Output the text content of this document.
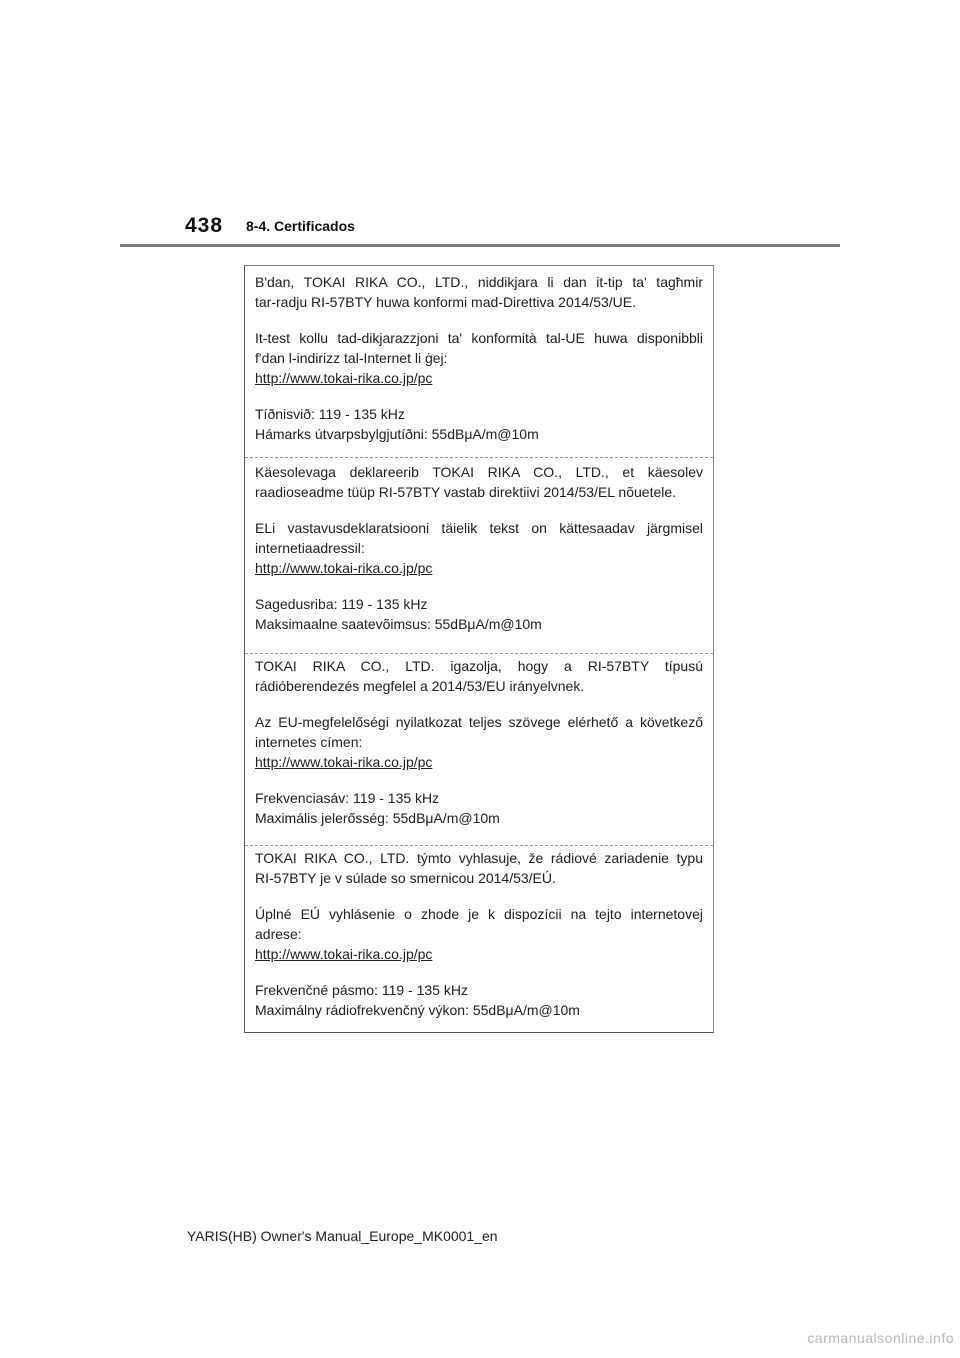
438 8-4. Certificados

B'dan, TOKAI RIKA CO., LTD., niddikjara li dan it-tip ta' tagħmir

tar-radju RI-57BTY huwa konformi mad-Direttiva 2014/53/UE.

It-test kollu tad-dikjarazzjoni ta' konformità tal-UE huwa disponibbli

f'dan l-indirizz tal-Internet li ġej:

http://www.tokai-rika.co.jp/pc

Tíðnisvið: 119 - 135 kHz

Hámarks útvarpsbylgjutíðni: 55dBμA/m@10m

Käesolevaga deklareerib TOKAI RIKA CO., LTD., et käesolev

raadioseadme tüüp RI-57BTY vastab direktiivi 2014/53/EL nõuetele.

ELi vastavusdeklaratsiooni täielik tekst on kättesaadav järgmisel

internetiaadressil:

http://www.tokai-rika.co.jp/pc

Sagedusriba: 119 - 135 kHz

Maksimaalne saatevõimsus: 55dBμA/m@10m

TOKAI RIKA CO., LTD. igazolja, hogy a RI-57BTY típusú

rádióberendezés megfelel a 2014/53/EU irányelvnek.

Az EU-megfelelőségi nyilatkozat teljes szövege elérhető a következő

internetes címen:

http://www.tokai-rika.co.jp/pc

Frekvenciasáv: 119 - 135 kHz

Maximális jelerősség: 55dBμA/m@10m

TOKAI RIKA CO., LTD. týmto vyhlasuje, že rádiové zariadenie typu

RI-57BTY je v súlade so smernicou 2014/53/EÚ.

Úplné EÚ vyhlásenie o zhode je k dispozícii na tejto internetovej

adrese:

http://www.tokai-rika.co.jp/pc

Frekvenčné pásmo: 119 - 135 kHz

Maximálny rádiofrekvenčný výkon: 55dBμA/m@10m

YARIS(HB) Owner's Manual_Europe_MK0001_en
carmanualsonline.info
